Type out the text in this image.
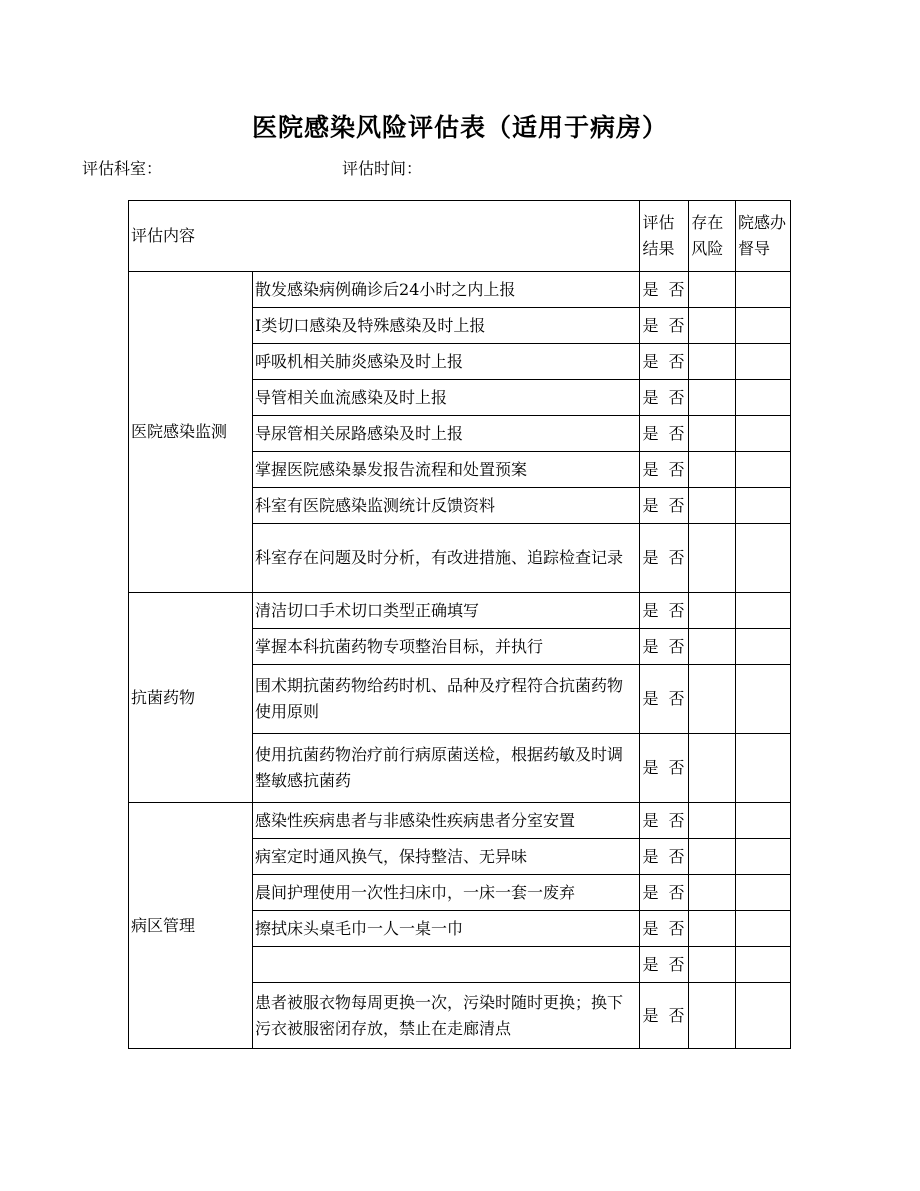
医院感染风险评估表（适用于病房）
评估科室：	评估时间：
评估内容		评估结果	存在风险	院感办督导
医院感染监测	散发感染病例确诊后24小时之内上报	是 否		
	I类切口感染及特殊感染及时上报	是 否		
	呼吸机相关肺炎感染及时上报	是 否		
	导管相关血流感染及时上报	是 否		
	导尿管相关尿路感染及时上报	是 否		
	掌握医院感染暴发报告流程和处置预案	是 否		
	科室有医院感染监测统计反馈资料	是 否		
	科室存在问题及时分析，有改进措施、追踪检查记录	是 否		
抗菌药物	清洁切口手术切口类型正确填写	是 否		
	掌握本科抗菌药物专项整治目标，并执行	是 否		
	围术期抗菌药物给药时机、品种及疗程符合抗菌药物使用原则	是 否		
	使用抗菌药物治疗前行病原菌送检，根据药敏及时调整敏感抗菌药	是 否		
病区管理	感染性疾病患者与非感染性疾病患者分室安置	是 否		
	病室定时通风换气，保持整洁、无异味	是 否		
	晨间护理使用一次性扫床巾，一床一套一废弃	是 否		
	擦拭床头桌毛巾一人一桌一巾	是 否		
		是 否		
	患者被服衣物每周更换一次，污染时随时更换；换下污衣被服密闭存放，禁止在走廊清点	是 否		
